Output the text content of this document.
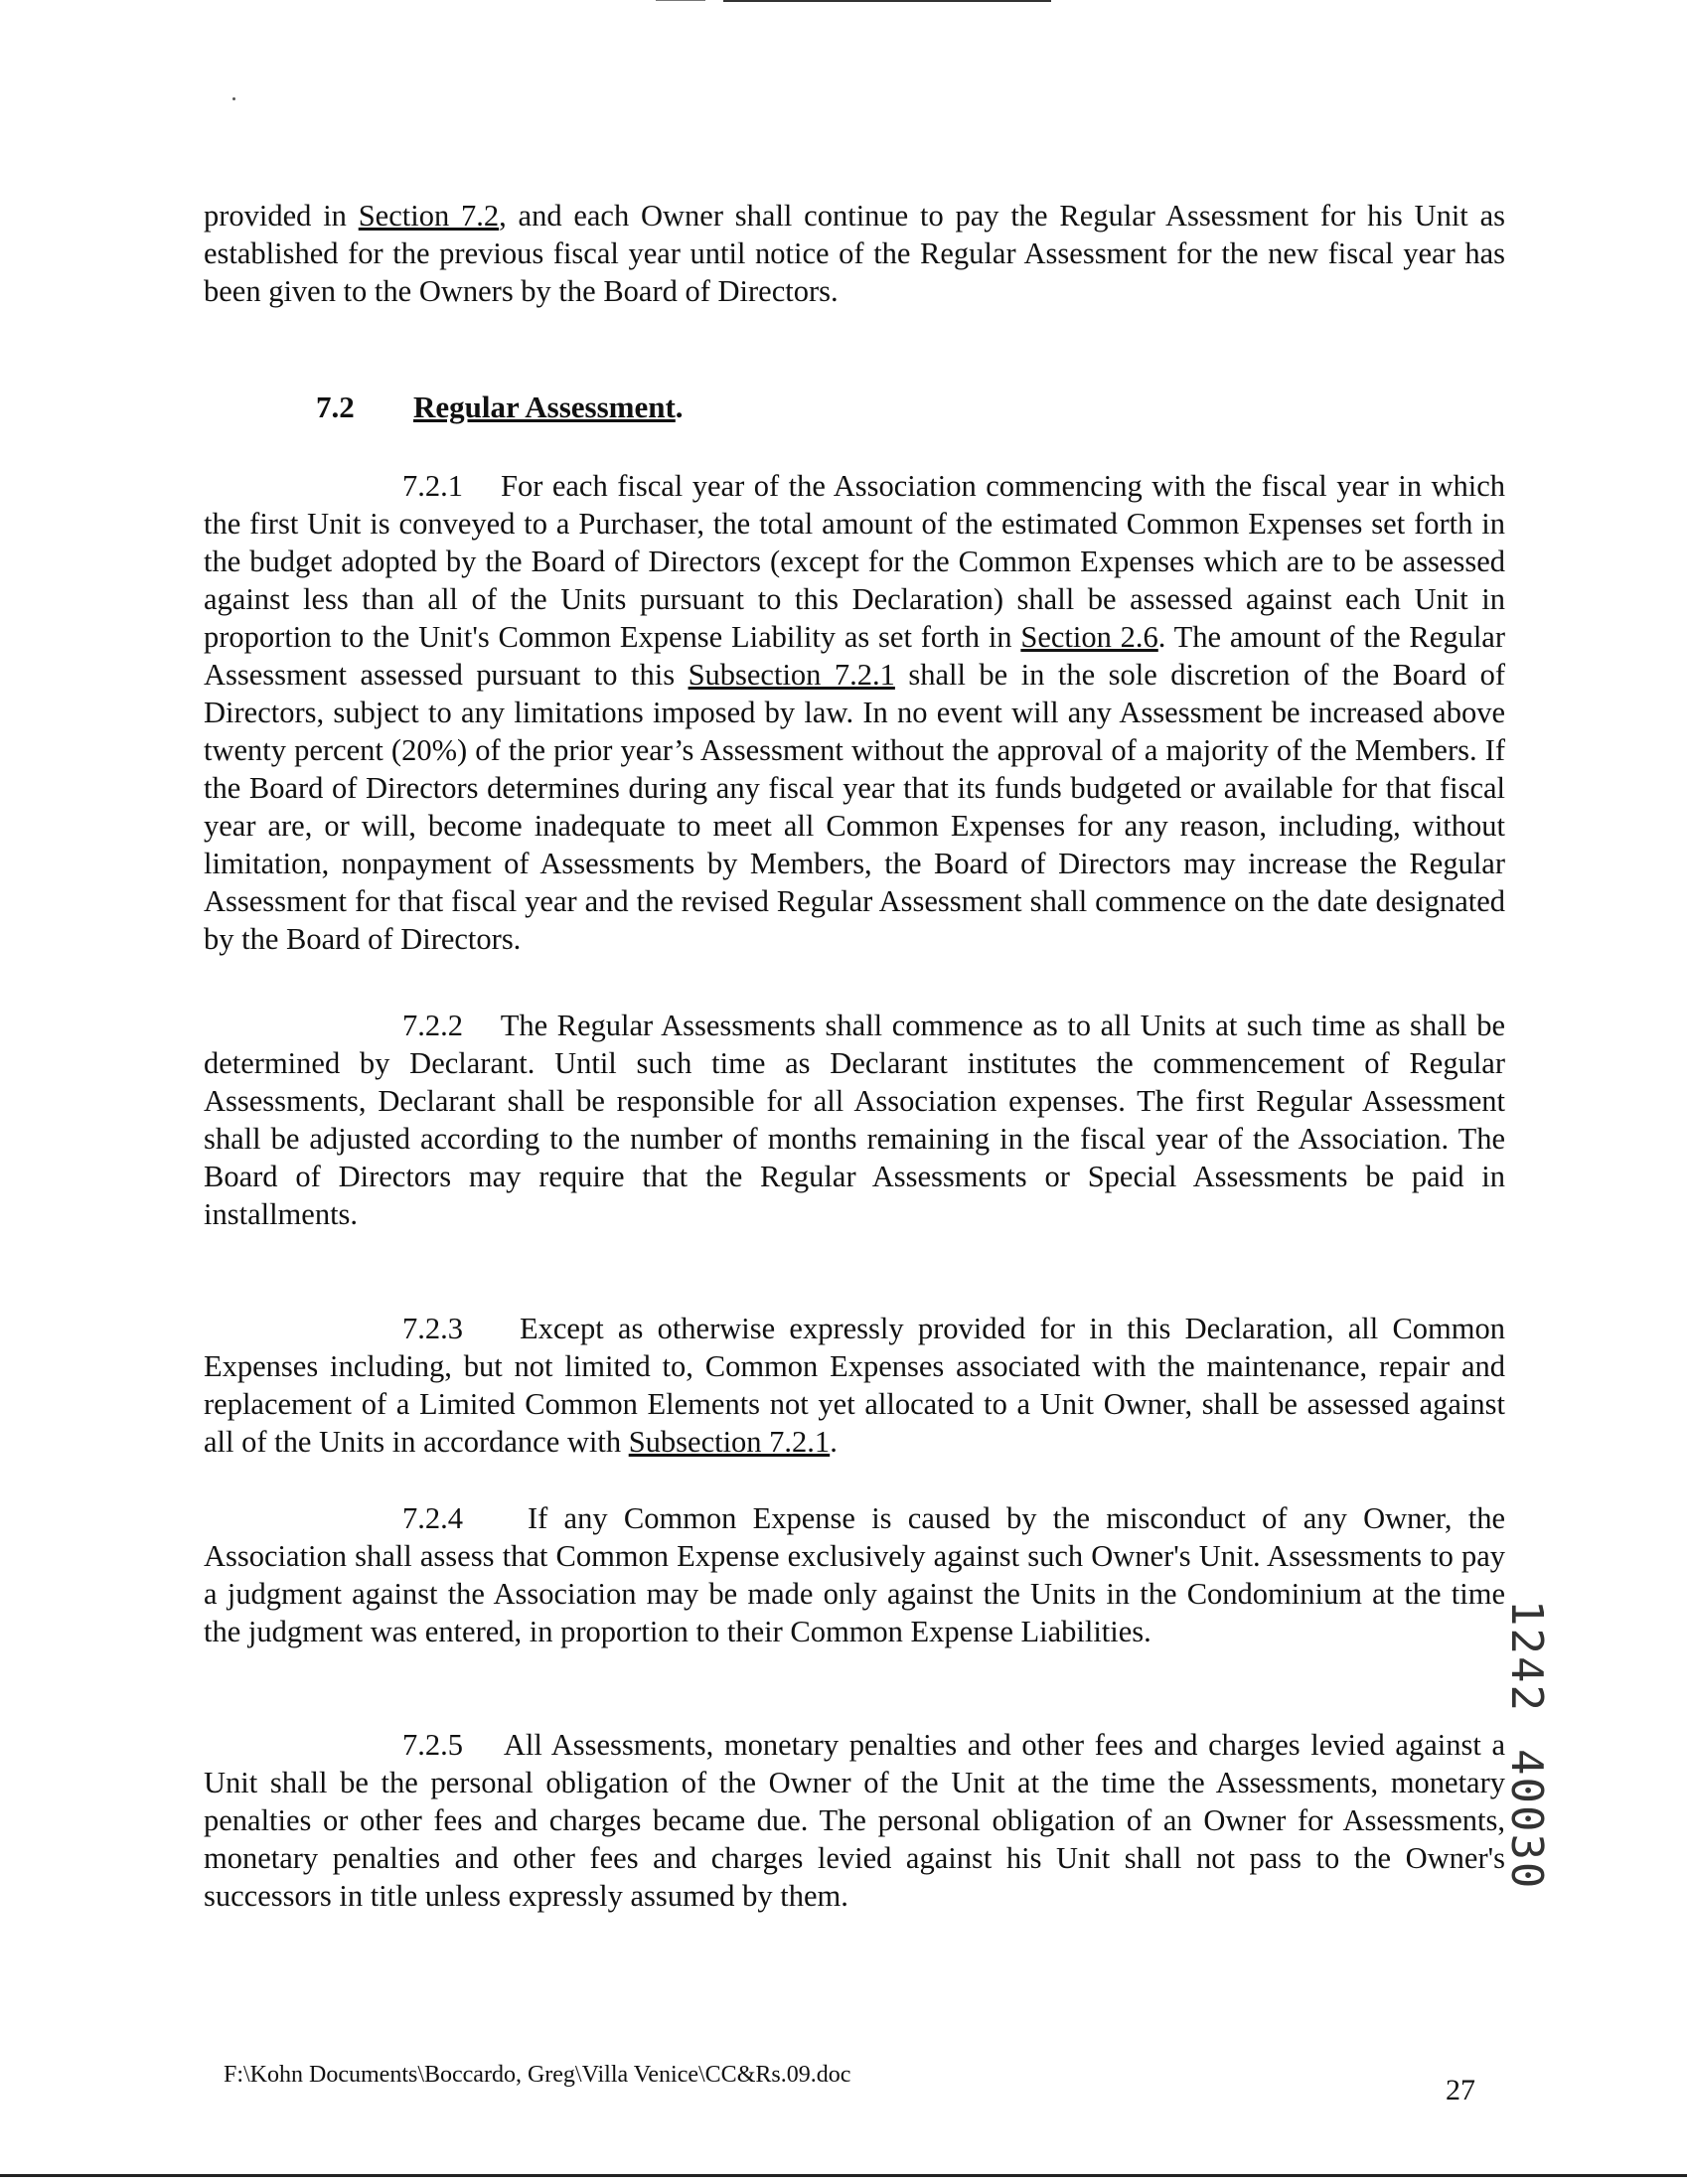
provided in Section 7.2, and each Owner shall continue to pay the Regular Assessment for his Unit as established for the previous fiscal year until notice of the Regular Assessment for the new fiscal year has been given to the Owners by the Board of Directors.

7.2 Regular Assessment.

7.2.1 For each fiscal year of the Association commencing with the fiscal year in which the first Unit is conveyed to a Purchaser, the total amount of the estimated Common Expenses set forth in the budget adopted by the Board of Directors (except for the Common Expenses which are to be assessed against less than all of the Units pursuant to this Declaration) shall be assessed against each Unit in proportion to the Unit's Common Expense Liability as set forth in Section 2.6. The amount of the Regular Assessment assessed pursuant to this Subsection 7.2.1 shall be in the sole discretion of the Board of Directors, subject to any limitations imposed by law. In no event will any Assessment be increased above twenty percent (20%) of the prior year’s Assessment without the approval of a majority of the Members. If the Board of Directors determines during any fiscal year that its funds budgeted or available for that fiscal year are, or will, become inadequate to meet all Common Expenses for any reason, including, without limitation, nonpayment of Assessments by Members, the Board of Directors may increase the Regular Assessment for that fiscal year and the revised Regular Assessment shall commence on the date designated by the Board of Directors.

7.2.2 The Regular Assessments shall commence as to all Units at such time as shall be determined by Declarant. Until such time as Declarant institutes the commencement of Regular Assessments, Declarant shall be responsible for all Association expenses. The first Regular Assessment shall be adjusted according to the number of months remaining in the fiscal year of the Association. The Board of Directors may require that the Regular Assessments or Special Assessments be paid in installments.

7.2.3 Except as otherwise expressly provided for in this Declaration, all Common Expenses including, but not limited to, Common Expenses associated with the maintenance, repair and replacement of a Limited Common Elements not yet allocated to a Unit Owner, shall be assessed against all of the Units in accordance with Subsection 7.2.1.

7.2.4 If any Common Expense is caused by the misconduct of any Owner, the Association shall assess that Common Expense exclusively against such Owner's Unit. Assessments to pay a judgment against the Association may be made only against the Units in the Condominium at the time the judgment was entered, in proportion to their Common Expense Liabilities.

7.2.5 All Assessments, monetary penalties and other fees and charges levied against a Unit shall be the personal obligation of the Owner of the Unit at the time the Assessments, monetary penalties or other fees and charges became due. The personal obligation of an Owner for Assessments, monetary penalties and other fees and charges levied against his Unit shall not pass to the Owner's successors in title unless expressly assumed by them.

124240030
F:\Kohn Documents\Boccardo, Greg\Villa Venice\CC&Rs.09.doc	27
